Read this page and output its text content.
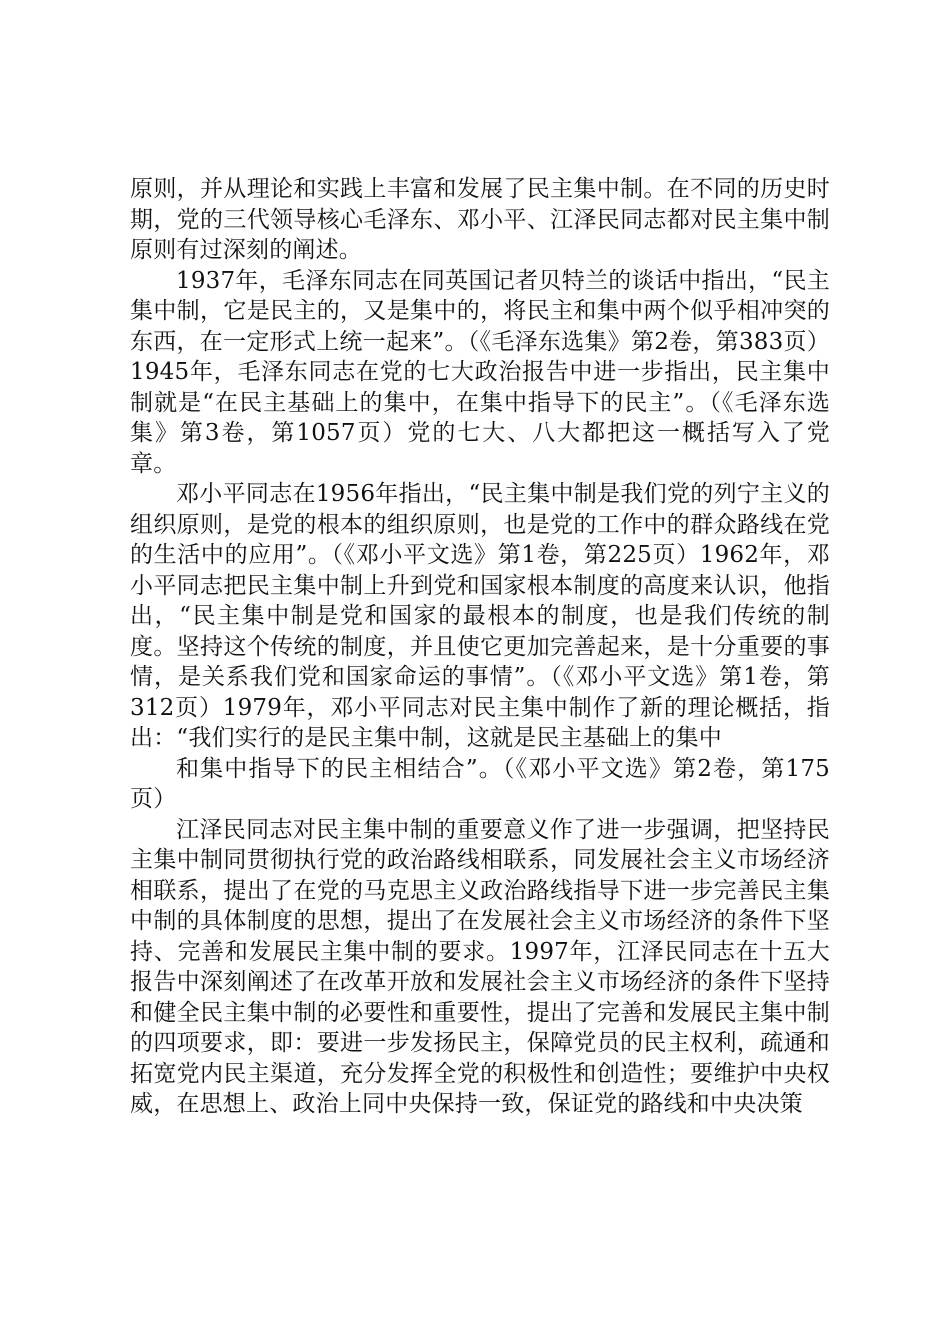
原则，并从理论和实践上丰富和发展了民主集中制。在不同的历史时期，党的三代领导核心毛泽东、邓小平、江泽民同志都对民主集中制原则有过深刻的阐述。

1937年，毛泽东同志在同英国记者贝特兰的谈话中指出，“民主集中制，它是民主的，又是集中的，将民主和集中两个似乎相冲突的东西，在一定形式上统一起来”。（《毛泽东选集》第2卷，第383页）1945年，毛泽东同志在党的七大政治报告中进一步指出，民主集中制就是“在民主基础上的集中，在集中指导下的民主”。（《毛泽东选集》第3卷，第1057页）党的七大、八大都把这一概括写入了党章。

邓小平同志在1956年指出，“民主集中制是我们党的列宁主义的组织原则，是党的根本的组织原则，也是党的工作中的群众路线在党的生活中的应用”。（《邓小平文选》第1卷，第225页）1962年，邓小平同志把民主集中制上升到党和国家根本制度的高度来认识，他指出，“民主集中制是党和国家的最根本的制度，也是我们传统的制度。坚持这个传统的制度，并且使它更加完善起来，是十分重要的事情，是关系我们党和国家命运的事情”。（《邓小平文选》第1卷，第312页）1979年，邓小平同志对民主集中制作了新的理论概括，指出：“我们实行的是民主集中制，这就是民主基础上的集中

和集中指导下的民主相结合”。（《邓小平文选》第2卷，第175页）

江泽民同志对民主集中制的重要意义作了进一步强调，把坚持民主集中制同贯彻执行党的政治路线相联系，同发展社会主义市场经济相联系，提出了在党的马克思主义政治路线指导下进一步完善民主集中制的具体制度的思想，提出了在发展社会主义市场经济的条件下坚持、完善和发展民主集中制的要求。1997年，江泽民同志在十五大报告中深刻阐述了在改革开放和发展社会主义市场经济的条件下坚持和健全民主集中制的必要性和重要性，提出了完善和发展民主集中制的四项要求，即：要进一步发扬民主，保障党员的民主权利，疏通和拓宽党内民主渠道，充分发挥全党的积极性和创造性；要维护中央权威，在思想上、政治上同中央保持一致，保证党的路线和中央决策
